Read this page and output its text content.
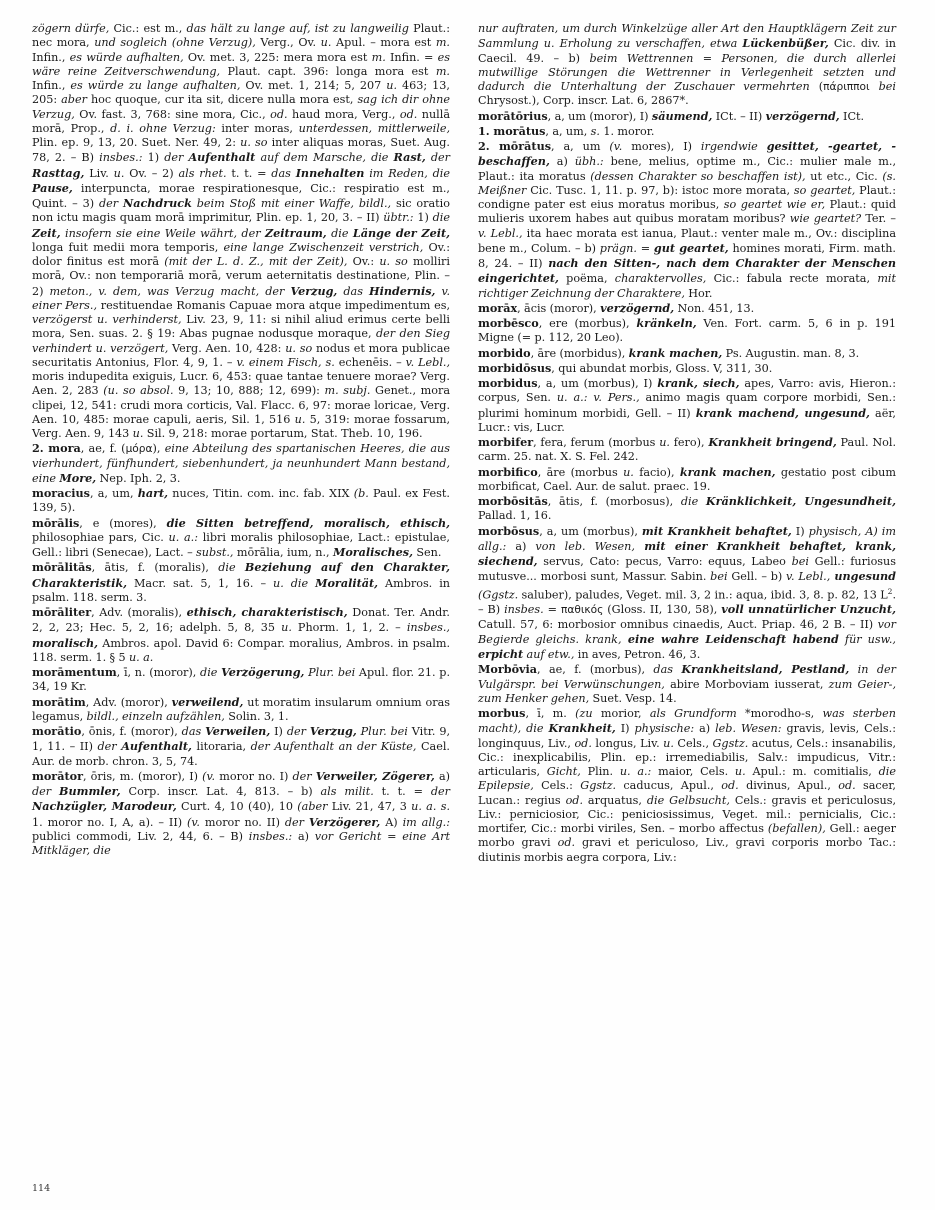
zögern dürfe, Cic.: est m., das hält zu lange auf, ist zu langweilig Plaut.: nec mora, und sogleich (ohne Verzug), Verg., Ov. u. Apul. – mora est m. Infin., es würde aufhalten, Ov. met. 3, 225: mera mora est m. Infin. = es wäre reine Zeitverschwendung, Plaut. capt. 396: longa mora est m. Infin., es würde zu lange aufhalten, Ov. met. 1, 214; 5, 207 u. 463; 13, 205: aber hoc quoque, cur ita sit, dicere nulla mora est, sag ich dir ohne Verzug, Ov. fast. 3, 768: sine mora, Cic., od. haud mora, Verg., od. nullā morā, Prop., d. i. ohne Verzug: inter moras, unterdessen, mittlerweile, Plin. ep. 9, 13, 20. Suet. Ner. 49, 2: u. so inter aliquas moras, Suet. Aug. 78, 2. – B) insbes.: 1) der Aufenthalt auf dem Marsche, die Rast, der Rasttag, Liv. u. Ov. – 2) als rhet. t. t. = das Innehalten im Reden, die Pause, interpuncta, morae respirationesque, Cic.: respiratio est m., Quint. – 3) der Nachdruck beim Stoß mit einer Waffe, bildl., sic oratio non ictu magis quam morā imprimitur, Plin. ep. 1, 20, 3. – II) übtr.: 1) die Zeit, insofern sie eine Weile währt, der Zeitraum, die Länge der Zeit, longa fuit medii mora temporis, eine lange Zwischenzeit verstrich, Ov.: dolor finitus est morā (mit der L. d. Z., mit der Zeit), Ov.: u. so molliri morā, Ov.: non temporariā morā, verum aeternitatis destinatione, Plin. – 2) meton., v. dem, was Verzug macht, der Verzug, das Hindernis, v. einer Pers., restituendae Romanis Capuae mora atque impedimentum es, verzögerst u. verhinderst, Liv. 23, 9, 11: si nihil aliud erimus certe belli mora, Sen. suas. 2. § 19: Abas pugnae nodusque moraque, der den Sieg verhindert u. verzögert, Verg. Aen. 10, 428: u. so nodus et mora publicae securitatis Antonius, Flor. 4, 9, 1. – v. einem Fisch, s. echenēis. – v. Lebl., moris indupedita exiguis, Lucr. 6, 453: quae tantae tenuere morae? Verg. Aen. 2, 283 (u. so absol. 9, 13; 10, 888; 12, 699): m. subj. Genet., mora clipei, 12, 541: crudi mora corticis, Val. Flacc. 6, 97: morae loricae, Verg. Aen. 10, 485: morae capuli, aeris, Sil. 1, 516 u. 5, 319: morae fossarum, Verg. Aen. 9, 143 u. Sil. 9, 218: morae portarum, Stat. Theb. 10, 196.

2. mora, ae, f. (μόρα), eine Abteilung des spartanischen Heeres, die aus vierhundert, fünfhundert, siebenhundert, ja neunhundert Mann bestand, eine More, Nep. Iph. 2, 3.

moracius, a, um, hart, nuces, Titin. com. inc. fab. XIX (b. Paul. ex Fest. 139, 5).

mōrālis, e (mores), die Sitten betreffend, moralisch, ethisch, philosophiae pars, Cic. u. a.: libri moralis philosophiae, Lact.: epistulae, Gell.: libri (Senecae), Lact. – subst., mōrālia, ium, n., Moralisches, Sen.

mōrālitās, ātis, f. (moralis), die Beziehung auf den Charakter, Charakteristik, Macr. sat. 5, 1, 16. – u. die Moralität, Ambros. in psalm. 118. serm. 3.

mōrāliter, Adv. (moralis), ethisch, charakteristisch, Donat. Ter. Andr. 2, 2, 23; Hec. 5, 2, 16; adelph. 5, 8, 35 u. Phorm. 1, 1, 2. – insbes., moralisch, Ambros. apol. David 6: Compar. moralius, Ambros. in psalm. 118. serm. 1. § 5 u. a.

morāmentum, ī, n. (moror), die Verzögerung, Plur. bei Apul. flor. 21. p. 34, 19 Kr.

morātim, Adv. (moror), verweilend, ut moratim insularum omnium oras legamus, bildl., einzeln aufzählen, Solin. 3, 1.

morātio, ōnis, f. (moror), das Verweilen, I) der Verzug, Plur. bei Vitr. 9, 1, 11. – II) der Aufenthalt, litoraria, der Aufenthalt an der Küste, Cael. Aur. de morb. chron. 3, 5, 74.

morātor, ōris, m. (moror), I) (v. moror no. I) der Verweiler, Zögerer, a) der Bummler, Corp. inscr. Lat. 4, 813. – b) als milit. t. t. = der Nachzügler, Marodeur, Curt. 4, 10 (40), 10 (aber Liv. 21, 47, 3 u. a. s. 1. moror no. I, A, a). – II) (v. moror no. II) der Verzögerer, A) im allg.: publici commodi, Liv. 2, 44, 6. – B) insbes.: a) vor Gericht = eine Art Mitkläger, die

nur auftraten, um durch Winkelzüge aller Art den Hauptklägern Zeit zur Sammlung u. Erholung zu verschaffen, etwa Lückenbüßer, Cic. div. in Caecil. 49. – b) beim Wettrennen = Personen, die durch allerlei mutwillige Störungen die Wettrenner in Verlegenheit setzten und dadurch die Unterhaltung der Zuschauer vermehrten (πάριπποι bei Chrysost.), Corp. inscr. Lat. 6, 2867*.

morātōrius, a, um (moror), I) säumend, ICt. – II) verzögernd, ICt.

1. morātus, a, um, s. 1. moror.

2. mōrātus, a, um (v. mores), I) irgendwie gesittet, -geartet, -beschaffen, a) übh.: bene, melius, optime m., Cic.: mulier male m., Plaut.: ita moratus (dessen Charakter so beschaffen ist), ut etc., Cic. (s. Meißner Cic. Tusc. 1, 11. p. 97, b): istoc more morata, so geartet, Plaut.: condigne pater est eius moratus moribus, so geartet wie er, Plaut.: quid mulieris uxorem habes aut quibus moratam moribus? wie geartet? Ter. – v. Lebl., ita haec morata est ianua, Plaut.: venter male m., Ov.: disciplina bene m., Colum. – b) prägn. = gut geartet, homines morati, Firm. math. 8, 24. – II) nach den Sitten-, nach dem Charakter der Menschen eingerichtet, poëma, charaktervolles, Cic.: fabula recte morata, mit richtiger Zeichnung der Charaktere, Hor.

morāx, ācis (moror), verzögernd, Non. 451, 13.

morbēsco, ere (morbus), kränkeln, Ven. Fort. carm. 5, 6 in p. 191 Migne (= p. 112, 20 Leo).

morbido, āre (morbidus), krank machen, Ps. Augustin. man. 8, 3.

morbidōsus, qui abundat morbis, Gloss. V, 311, 30.

morbidus, a, um (morbus), I) krank, siech, apes, Varro: avis, Hieron.: corpus, Sen. u. a.: v. Pers., animo magis quam corpore morbidi, Sen.: plurimi hominum morbidi, Gell. – II) krank machend, ungesund, aër, Lucr.: vis, Lucr.

morbifer, fera, ferum (morbus u. fero), Krankheit bringend, Paul. Nol. carm. 25. nat. X. S. Fel. 242.

morbifico, āre (morbus u. facio), krank machen, gestatio post cibum morbificat, Cael. Aur. de salut. praec. 19.

morbōsitās, ātis, f. (morbosus), die Kränklichkeit, Ungesundheit, Pallad. 1, 16.

morbōsus, a, um (morbus), mit Krankheit behaftet, I) physisch, A) im allg.: a) von leb. Wesen, mit einer Krankheit behaftet, krank, siechend, servus, Cato: pecus, Varro: equus, Labeo bei Gell.: furiosus mutusve... morbosi sunt, Massur. Sabin. bei Gell. – b) v. Lebl., ungesund (Ggstz. saluber), paludes, Veget. mil. 3, 2 in.: aqua, ibid. 3, 8. p. 82, 13 $L^2$. – B) insbes. = παθικός (Gloss. II, 130, 58), voll unnatürlicher Unzucht, Catull. 57, 6: morbosior omnibus cinaedis, Auct. Priap. 46, 2 B. – II) vor Begierde gleichs. krank, eine wahre Leidenschaft habend für usw., erpicht auf etw., in aves, Petron. 46, 3.

Morbōvia, ae, f. (morbus), das Krankheitsland, Pestland, in der Vulgärspr. bei Verwünschungen, abire Morboviam iusserat, zum Geier-, zum Henker gehen, Suet. Vesp. 14.

morbus, ī, m. (zu morior, als Grundform *morodho-s, was sterben macht), die Krankheit, I) physische: a) leb. Wesen: gravis, levis, Cels.: longinquus, Liv., od. longus, Liv. u. Cels., Ggstz. acutus, Cels.: insanabilis, Cic.: inexplicabilis, Plin. ep.: irremediabilis, Salv.: impudicus, Vitr.: articularis, Gicht, Plin. u. a.: maior, Cels. u. Apul.: m. comitialis, die Epilepsie, Cels.: Ggstz. caducus, Apul., od. divinus, Apul., od. sacer, Lucan.: regius od. arquatus, die Gelbsucht, Cels.: gravis et periculosus, Liv.: perniciosior, Cic.: peniciosissimus, Veget. mil.: pernicialis, Cic.: mortifer, Cic.: morbi viriles, Sen. – morbo affectus (befallen), Gell.: aeger morbo gravi od. gravi et periculoso, Liv., gravi corporis morbo Tac.: diutinis morbis aegra corpora, Liv.:

114
